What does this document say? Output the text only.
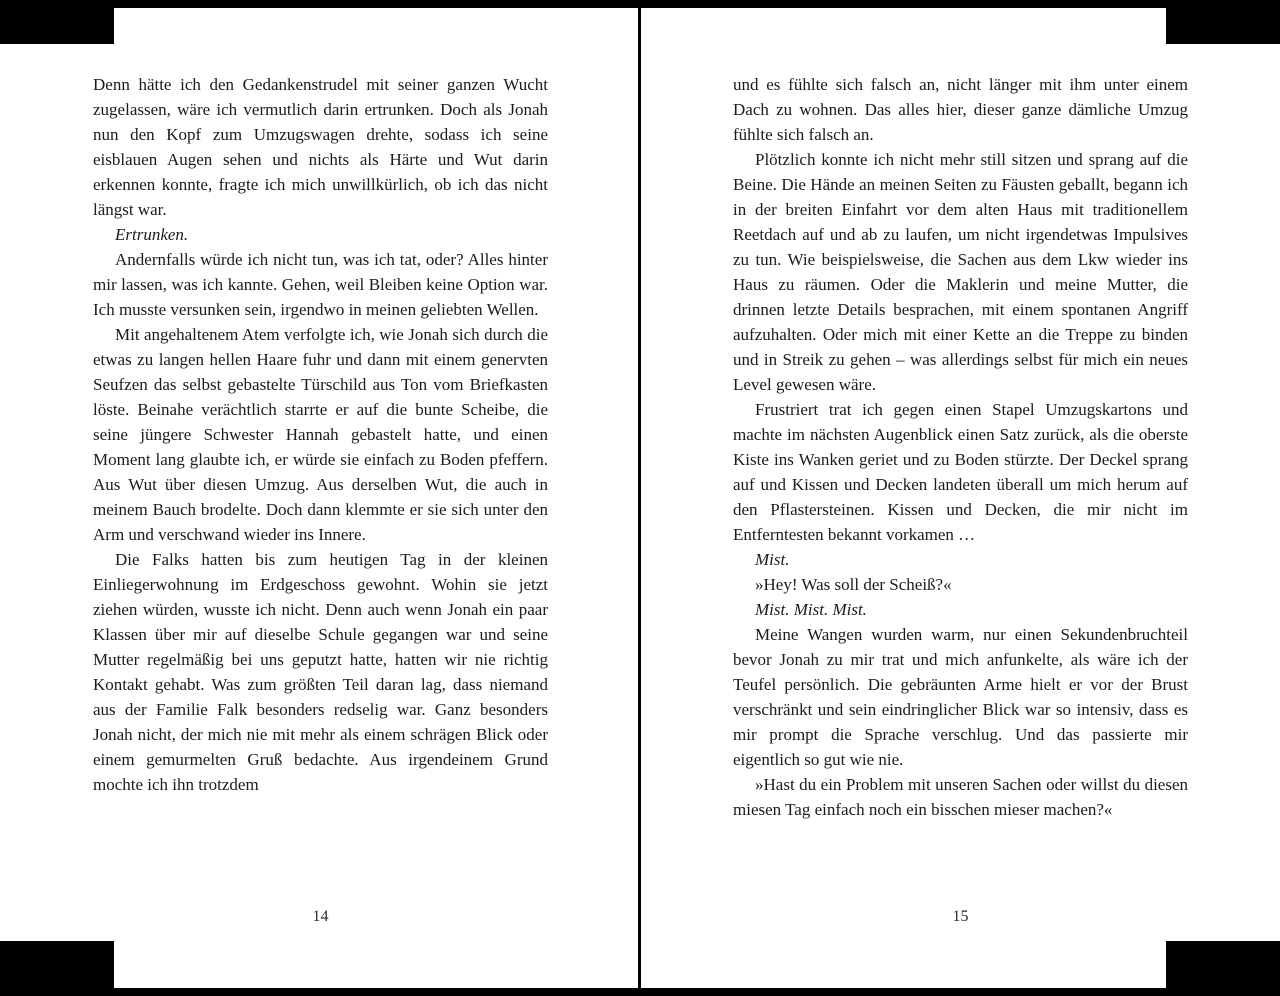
Denn hätte ich den Gedankenstrudel mit seiner ganzen Wucht zugelassen, wäre ich vermutlich darin ertrunken. Doch als Jonah nun den Kopf zum Umzugswagen drehte, sodass ich seine eisblauen Augen sehen und nichts als Härte und Wut darin erkennen konnte, fragte ich mich unwillkürlich, ob ich das nicht längst war.

Ertrunken.

Andernfalls würde ich nicht tun, was ich tat, oder? Alles hinter mir lassen, was ich kannte. Gehen, weil Bleiben keine Option war. Ich musste versunken sein, irgendwo in meinen geliebten Wellen.

Mit angehaltenem Atem verfolgte ich, wie Jonah sich durch die etwas zu langen hellen Haare fuhr und dann mit einem genervten Seufzen das selbst gebastelte Türschild aus Ton vom Briefkasten löste. Beinahe verächtlich starrte er auf die bunte Scheibe, die seine jüngere Schwester Hannah gebastelt hatte, und einen Moment lang glaubte ich, er würde sie einfach zu Boden pfeffern. Aus Wut über diesen Umzug. Aus derselben Wut, die auch in meinem Bauch brodelte. Doch dann klemmte er sie sich unter den Arm und verschwand wieder ins Innere.

Die Falks hatten bis zum heutigen Tag in der kleinen Einliegerwohnung im Erdgeschoss gewohnt. Wohin sie jetzt ziehen würden, wusste ich nicht. Denn auch wenn Jonah ein paar Klassen über mir auf dieselbe Schule gegangen war und seine Mutter regelmäßig bei uns geputzt hatte, hatten wir nie richtig Kontakt gehabt. Was zum größten Teil daran lag, dass niemand aus der Familie Falk besonders redselig war. Ganz besonders Jonah nicht, der mich nie mit mehr als einem schrägen Blick oder einem gemurmelten Gruß bedachte. Aus irgendeinem Grund mochte ich ihn trotzdem

14

und es fühlte sich falsch an, nicht länger mit ihm unter einem Dach zu wohnen. Das alles hier, dieser ganze dämliche Umzug fühlte sich falsch an.

Plötzlich konnte ich nicht mehr still sitzen und sprang auf die Beine. Die Hände an meinen Seiten zu Fäusten geballt, begann ich in der breiten Einfahrt vor dem alten Haus mit traditionellem Reetdach auf und ab zu laufen, um nicht irgendetwas Impulsives zu tun. Wie beispielsweise, die Sachen aus dem Lkw wieder ins Haus zu räumen. Oder die Maklerin und meine Mutter, die drinnen letzte Details besprachen, mit einem spontanen Angriff aufzuhalten. Oder mich mit einer Kette an die Treppe zu binden und in Streik zu gehen – was allerdings selbst für mich ein neues Level gewesen wäre.

Frustriert trat ich gegen einen Stapel Umzugskartons und machte im nächsten Augenblick einen Satz zurück, als die oberste Kiste ins Wanken geriet und zu Boden stürzte. Der Deckel sprang auf und Kissen und Decken landeten überall um mich herum auf den Pflastersteinen. Kissen und Decken, die mir nicht im Entferntesten bekannt vorkamen …

Mist.

»Hey! Was soll der Scheiß?«

Mist. Mist. Mist.

Meine Wangen wurden warm, nur einen Sekundenbruchteil bevor Jonah zu mir trat und mich anfunkelte, als wäre ich der Teufel persönlich. Die gebräunten Arme hielt er vor der Brust verschränkt und sein eindringlicher Blick war so intensiv, dass es mir prompt die Sprache verschlug. Und das passierte mir eigentlich so gut wie nie.

»Hast du ein Problem mit unseren Sachen oder willst du diesen miesen Tag einfach noch ein bisschen mieser machen?«

15
